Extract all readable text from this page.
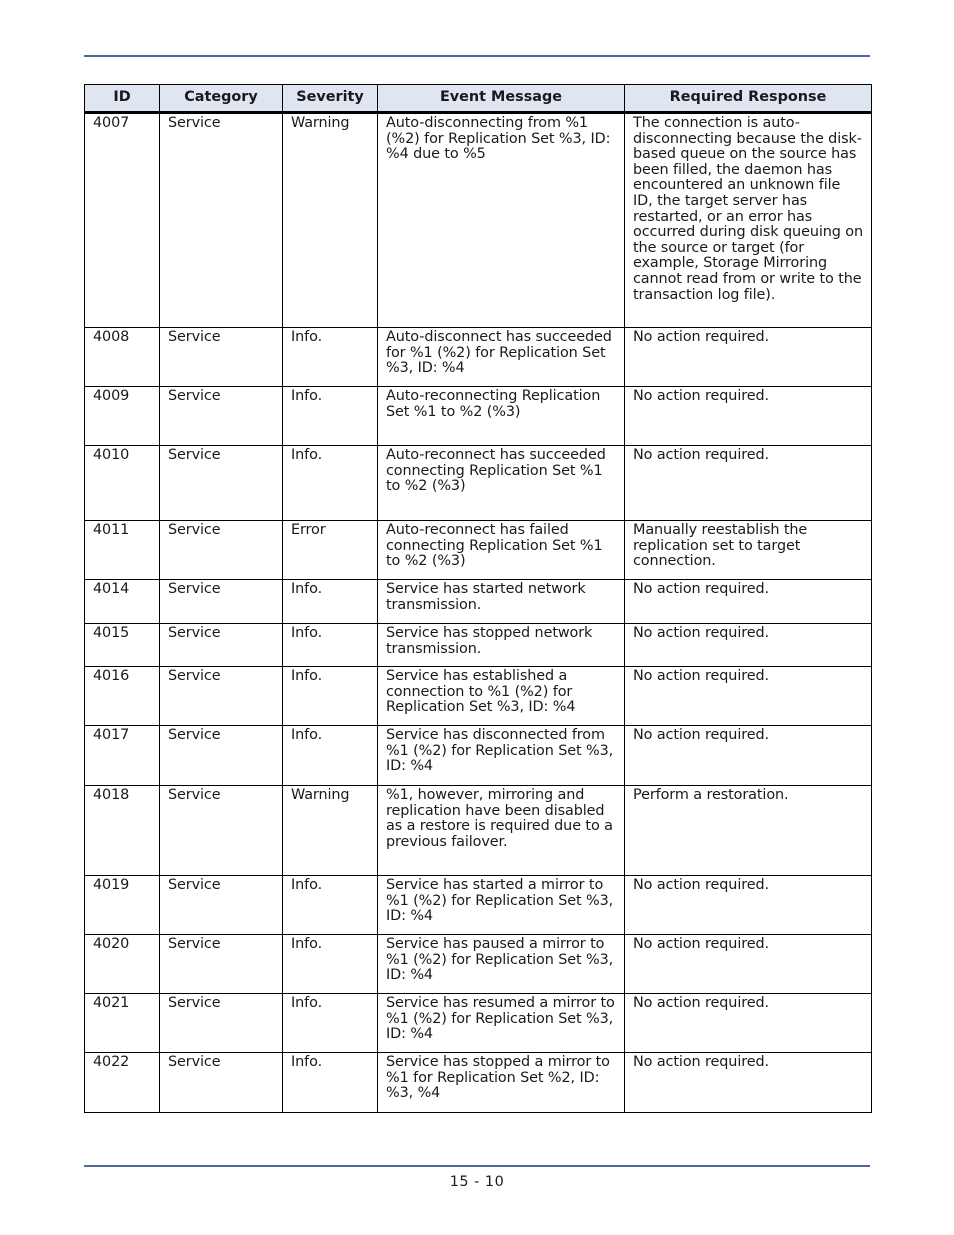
ID	Category	Severity	Event Message	Required Response
4007	Service	Warning	Auto-disconnecting from %1 (%2) for Replication Set %3, ID: %4 due to %5	The connection is auto-disconnecting because the disk-based queue on the source has been filled, the daemon has encountered an unknown file ID, the target server has restarted, or an error has occurred during disk queuing on the source or target (for example, Storage Mirroring cannot read from or write to the transaction log file).
4008	Service	Info.	Auto-disconnect has succeeded for %1 (%2) for Replication Set %3, ID: %4	No action required.
4009	Service	Info.	Auto-reconnecting Replication Set %1 to %2 (%3)	No action required.
4010	Service	Info.	Auto-reconnect has succeeded connecting Replication Set %1 to %2 (%3)	No action required.
4011	Service	Error	Auto-reconnect has failed connecting Replication Set %1 to %2 (%3)	Manually reestablish the replication set to target connection.
4014	Service	Info.	Service has started network transmission.	No action required.
4015	Service	Info.	Service has stopped network transmission.	No action required.
4016	Service	Info.	Service has established a connection to %1 (%2) for Replication Set %3, ID: %4	No action required.
4017	Service	Info.	Service has disconnected from %1 (%2) for Replication Set %3, ID: %4	No action required.
4018	Service	Warning	%1, however, mirroring and replication have been disabled as a restore is required due to a previous failover.	Perform a restoration.
4019	Service	Info.	Service has started a mirror to %1 (%2) for Replication Set %3, ID: %4	No action required.
4020	Service	Info.	Service has paused a mirror to %1 (%2) for Replication Set %3, ID: %4	No action required.
4021	Service	Info.	Service has resumed a mirror to %1 (%2) for Replication Set %3, ID: %4	No action required.
4022	Service	Info.	Service has stopped a mirror to %1 for Replication Set %2, ID: %3, %4	No action required.
15 - 10
